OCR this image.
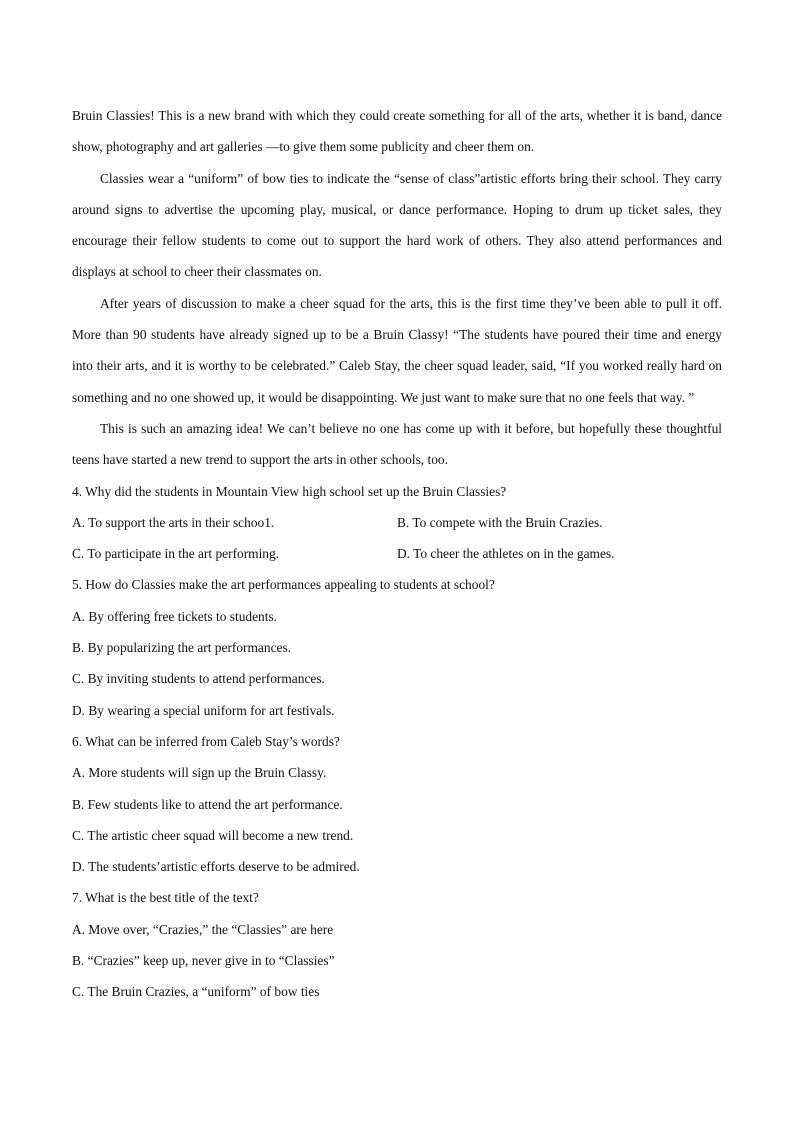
Bruin Classies! This is a new brand with which they could create something for all of the arts, whether it is band, dance show, photography and art galleries —to give them some publicity and cheer them on.

Classies wear a “uniform” of bow ties to indicate the “sense of class”artistic efforts bring their school. They carry around signs to advertise the upcoming play, musical, or dance performance. Hoping to drum up ticket sales, they encourage their fellow students to come out to support the hard work of others. They also attend performances and displays at school to cheer their classmates on.

After years of discussion to make a cheer squad for the arts, this is the first time they’ve been able to pull it off. More than 90 students have already signed up to be a Bruin Classy! “The students have poured their time and energy into their arts, and it is worthy to be celebrated.” Caleb Stay, the cheer squad leader, said, “If you worked really hard on something and no one showed up, it would be disappointing. We just want to make sure that no one feels that way. ”

This is such an amazing idea! We can’t believe no one has come up with it before, but hopefully these thoughtful teens have started a new trend to support the arts in other schools, too.

4. Why did the students in Mountain View high school set up the Bruin Classies?
A. To support the arts in their schoo1.	B. To compete with the Bruin Crazies.
C. To participate in the art performing.	D. To cheer the athletes on in the games.
5. How do Classies make the art performances appealing to students at school?
A. By offering free tickets to students.
B. By popularizing the art performances.
C. By inviting students to attend performances.
D. By wearing a special uniform for art festivals.
6. What can be inferred from Caleb Stay’s words?
A. More students will sign up the Bruin Classy.
B. Few students like to attend the art performance.
C. The artistic cheer squad will become a new trend.
D. The students’artistic efforts deserve to be admired.
7. What is the best title of the text?
A. Move over, “Crazies,” the “Classies” are here
B. “Crazies” keep up, never give in to “Classies”
C. The Bruin Crazies, a “uniform” of bow ties
